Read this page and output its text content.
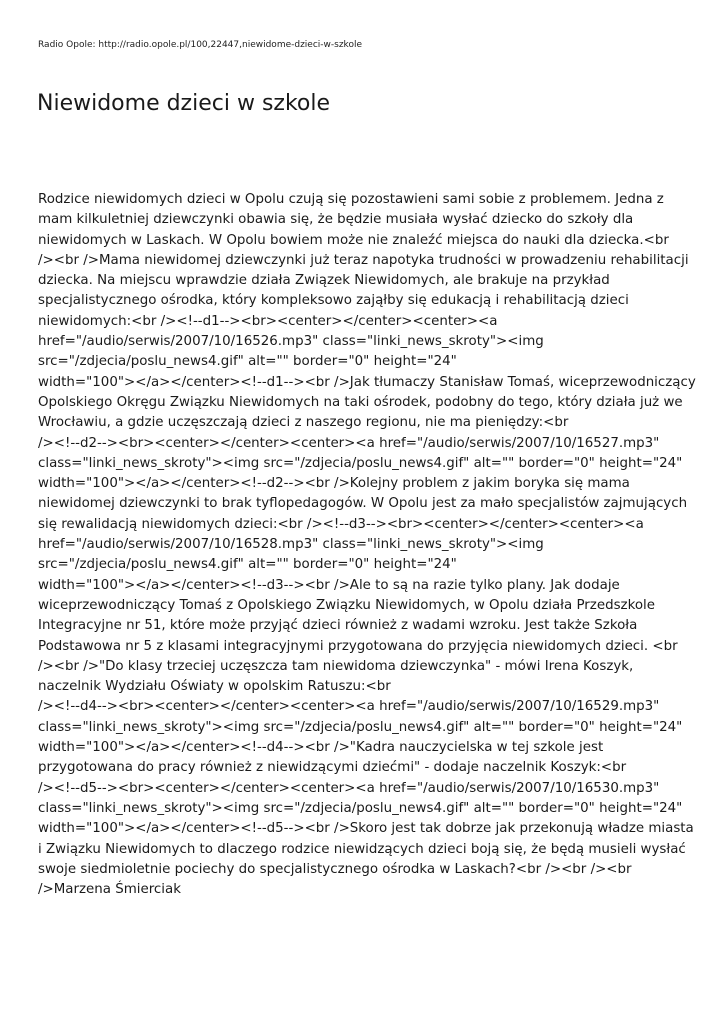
Radio Opole: http://radio.opole.pl/100,22447,niewidome-dzieci-w-szkole
Niewidome dzieci w szkole
Rodzice niewidomych dzieci w Opolu czują się pozostawieni sami sobie z problemem. Jedna z
mam kilkuletniej dziewczynki obawia się, że będzie musiała wysłać dziecko do szkoły dla
niewidomych w Laskach. W Opolu bowiem może nie znaleźć miejsca do nauki dla dziecka.<br
/><br />Mama niewidomej dziewczynki już teraz napotyka trudności w prowadzeniu rehabilitacji
dziecka. Na miejscu wprawdzie działa Związek Niewidomych, ale brakuje na przykład
specjalistycznego ośrodka, który kompleksowo zająłby się edukacją i rehabilitacją dzieci
niewidomych:<br /><!--d1--><br><center></center><center><a
href="/audio/serwis/2007/10/16526.mp3" class="linki_news_skroty"><img
src="/zdjecia/poslu_news4.gif" alt="" border="0" height="24"
width="100"></a></center><!--d1--><br />Jak tłumaczy Stanisław Tomaś, wiceprzewodniczący
Opolskiego Okręgu Związku Niewidomych na taki ośrodek, podobny do tego, który działa już we
Wrocławiu, a gdzie uczęszczają dzieci z naszego regionu, nie ma pieniędzy:<br
/><!--d2--><br><center></center><center><a href="/audio/serwis/2007/10/16527.mp3"
class="linki_news_skroty"><img src="/zdjecia/poslu_news4.gif" alt="" border="0" height="24"
width="100"></a></center><!--d2--><br />Kolejny problem z jakim boryka się mama
niewidomej dziewczynki to brak tyflopedagogów. W Opolu jest za mało specjalistów zajmujących
się rewalidacją niewidomych dzieci:<br /><!--d3--><br><center></center><center><a
href="/audio/serwis/2007/10/16528.mp3" class="linki_news_skroty"><img
src="/zdjecia/poslu_news4.gif" alt="" border="0" height="24"
width="100"></a></center><!--d3--><br />Ale to są na razie tylko plany. Jak dodaje
wiceprzewodniczący Tomaś z Opolskiego Związku Niewidomych, w Opolu działa Przedszkole
Integracyjne nr 51, które może przyjąć dzieci również z wadami wzroku. Jest także Szkoła
Podstawowa nr 5 z klasami integracyjnymi przygotowana do przyjęcia niewidomych dzieci. <br
/><br />"Do klasy trzeciej uczęszcza tam niewidoma dziewczynka" - mówi Irena Koszyk,
naczelnik Wydziału Oświaty w opolskim Ratuszu:<br
/><!--d4--><br><center></center><center><a href="/audio/serwis/2007/10/16529.mp3"
class="linki_news_skroty"><img src="/zdjecia/poslu_news4.gif" alt="" border="0" height="24"
width="100"></a></center><!--d4--><br />"Kadra nauczycielska w tej szkole jest
przygotowana do pracy również z niewidzącymi dziećmi" - dodaje naczelnik Koszyk:<br
/><!--d5--><br><center></center><center><a href="/audio/serwis/2007/10/16530.mp3"
class="linki_news_skroty"><img src="/zdjecia/poslu_news4.gif" alt="" border="0" height="24"
width="100"></a></center><!--d5--><br />Skoro jest tak dobrze jak przekonują władze miasta
i Związku Niewidomych to dlaczego rodzice niewidzących dzieci boją się, że będą musieli wysłać
swoje siedmioletnie pociechy do specjalistycznego ośrodka w Laskach?<br /><br /><br
/>Marzena Śmierciak
